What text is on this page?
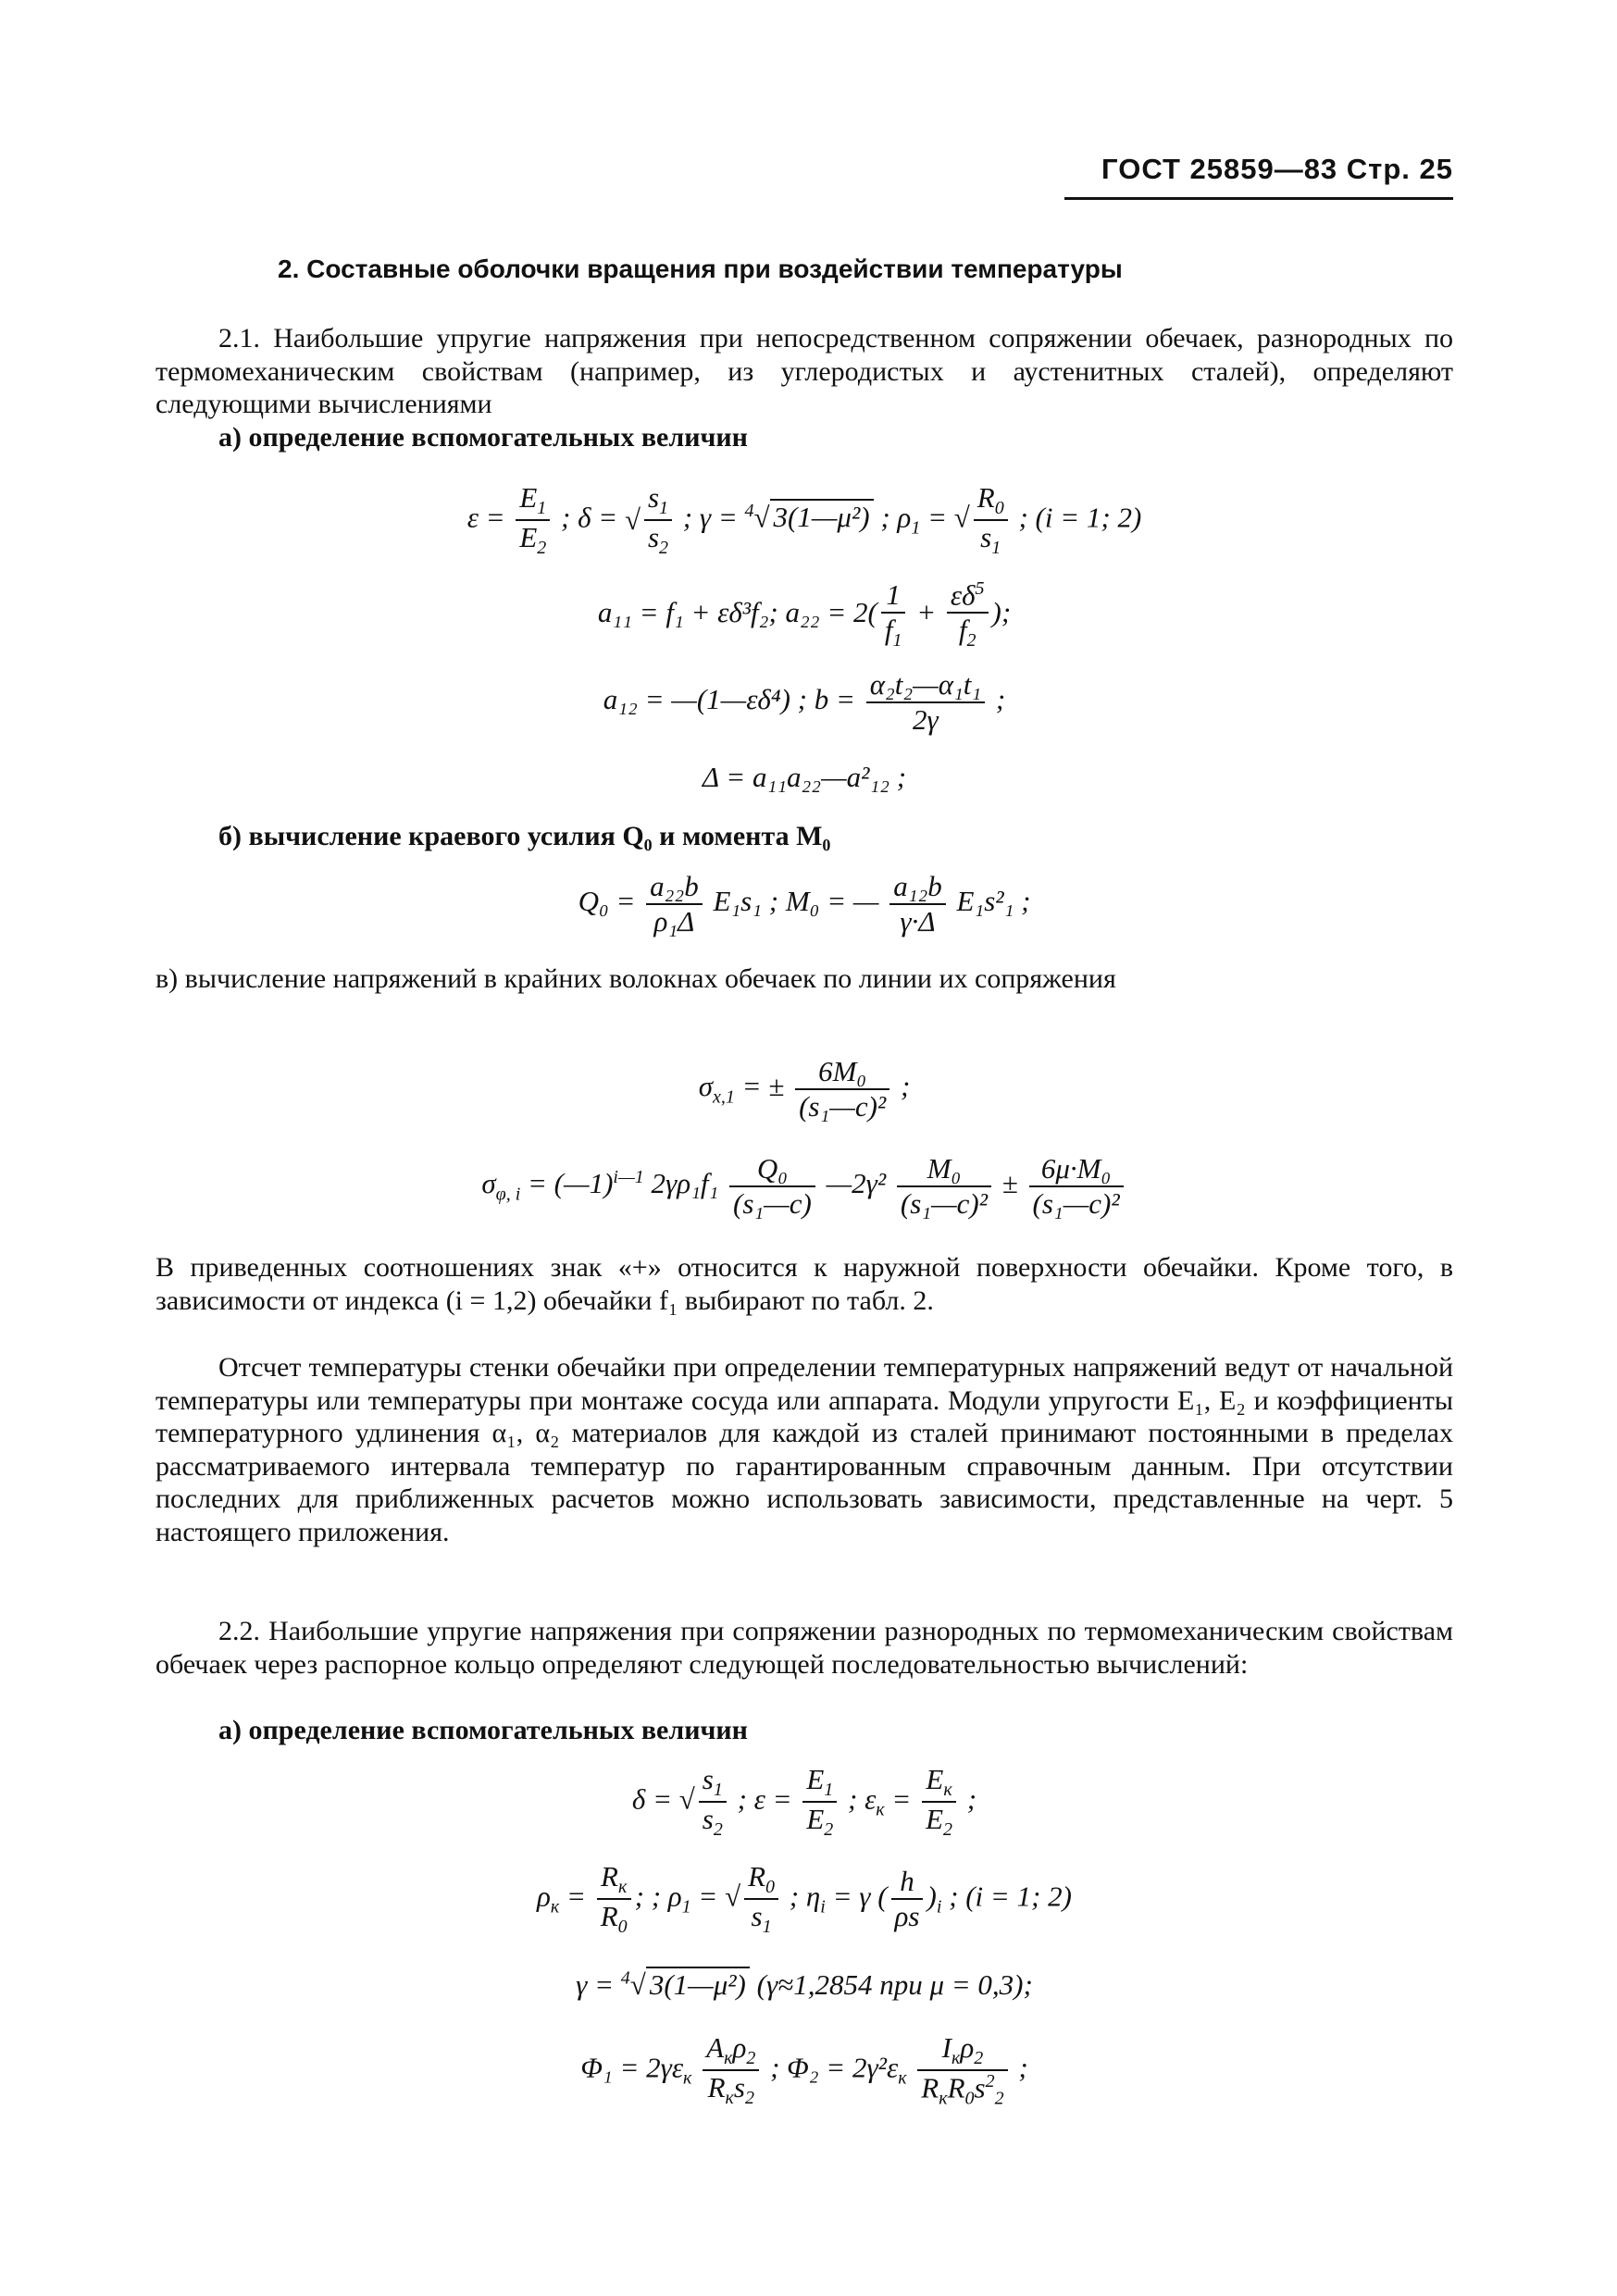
ГОСТ 25859—83 Стр. 25
2. Составные оболочки вращения при воздействии температуры
2.1. Наибольшие упругие напряжения при непосредственном сопряжении обечаек, разнородных по термомеханическим свойствам (например, из углеродистых и аустенитных сталей), определяют следующими вычислениями
а) определение вспомогательных величин
$\varepsilon = \frac{E_1}{E_2}$ ; δ = √ $\frac{s_1}{s_2}$ ; γ = $^4$√ 3(1—μ²) ; $\rho_1$ = √ $\frac{R_0}{s_1}$ ; (i = 1; 2)
a₁₁ = f₁ + εδ³f₂; $a_{22} = 2( \frac{1}{f_1} + \frac{\varepsilon\delta^5}{f_2}$ );
a₁₂ = —(1—εδ⁴) ; $b = \frac{\text{α₂t₂—α₁t₁}}{2\gamma}$ ;
Δ = a₁₁a₂₂—a²₁₂ ;
б) вычисление краевого усилия Q₀ и момента M₀
$Q_0 = \frac{\text{a₂₂b}}{\text{ρ₁Δ}} E_1s_1$ ; M₀ = — $\frac{\text{a₁₂b}}{\gamma\cdot\Delta} E_1s^2_1$ ;
в) вычисление напряжений в крайних волокнах обечаек по линии их сопряжения
$\sigma_{x,1}$ = ± $\frac{\text{6M₀}}{\text{(s₁—c)²}}$ ;
$\sigma_{\varphi, i}$ = (—1)$^{i—1}$ $2\gamma\rho_1f_1 \frac{\text{Q₀}}{\text{(s₁—c)}}$ —2γ² $\frac{\text{M₀}}{\text{(s₁—c)²}} \pm \frac{\text{6μ·M₀}}{\text{(s₁—c)²}}$
В приведенных соотношениях знак «+» относится к наружной поверхности обечайки. Кроме того, в зависимости от индекса (i = 1,2) обечайки f₁ выбирают по табл. 2.
Отсчет температуры стенки обечайки при определении температурных напряжений ведут от начальной температуры или температуры при монтаже сосуда или аппарата. Модули упругости E₁, E₂ и коэффициенты температурного удлинения α₁, α₂ материалов для каждой из сталей принимают постоянными в пределах рассматриваемого интервала температур по гарантированным справочным данным. При отсутствии последних для приближенных расчетов можно использовать зависимости, представленные на черт. 5 настоящего приложения.
2.2. Наибольшие упругие напряжения при сопряжении разнородных по термомеханическим свойствам обечаек через распорное кольцо определяют следующей последовательностью вычислений:
а) определение вспомогательных величин
δ = √ $\frac{s_1}{s_2}$ ; $\varepsilon = \frac{E_1}{E_2}$ ; $\varepsilon_к$ =
$E_к$
$E_2$
;
$\rho_к$ =
$R_к$
$R_0$
; ; $\rho_1$ = √ $\frac{R_0}{s_1}$ ; $\eta_i = \gamma$ ( $\frac{h}{\rho s} )_i$ ; (i = 1; 2)
γ = $^4$√ 3(1—μ²) (γ≈1,2854 при μ = 0,3);
$\Phi_1 = 2\gamma\varepsilon_к$
$A_к\rho_2$
$R_кs_2$
; $\Phi_2 = 2\gamma^2\varepsilon_к$
$I_к\rho_2$
$R_кR_0s^2_2$
;
